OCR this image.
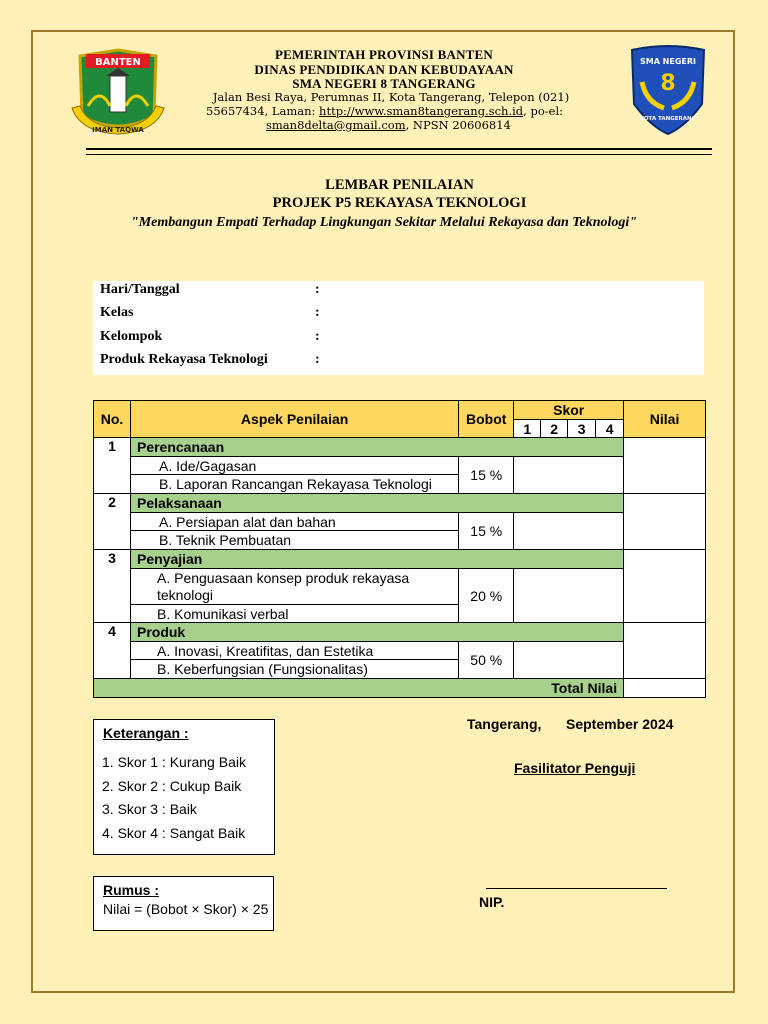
BANTEN
IMAN TAQWA
SMA NEGERI
8
KOTA TANGERANG
PEMERINTAH PROVINSI BANTEN
DINAS PENDIDIKAN DAN KEBUDAYAAN
SMA NEGERI 8 TANGERANG
Jalan Besi Raya, Perumnas II, Kota Tangerang, Telepon (021)
55657434, Laman: http://www.sman8tangerang.sch.id, po-el:
sman8delta@gmail.com, NPSN 20606814
LEMBAR PENILAIAN
PROJEK P5 REKAYASA TEKNOLOGI
"Membangun Empati Terhadap Lingkungan Sekitar Melalui Rekayasa dan Teknologi"
Hari/Tanggal	:
Kelas	:
Kelompok	:
Produk Rekayasa Teknologi	:
No.	Aspek Penilaian	Bobot	Skor				Nilai
			1	2	3	4	
1	Perencanaan						
	A. Ide/Gagasan	15 %					
	B. Laporan Rancangan Rekayasa Teknologi						
2	Pelaksanaan						
	A. Persiapan alat dan bahan	15 %					
	B. Teknik Pembuatan						
3	Penyajian						
	A. Penguasaan konsep produk rekayasa teknologi	20 %					
	B. Komunikasi verbal						
4	Produk						
	A. Inovasi, Kreatifitas, dan Estetika	50 %					
	B. Keberfungsian (Fungsionalitas)						
Total Nilai							
Keterangan :
1. Skor 1 : Kurang Baik
2. Skor 2 : Cukup Baik
3. Skor 3 : Baik
4. Skor 4 : Sangat Baik
Rumus :
Nilai = (Bobot × Skor) × 25
Tangerang, September 2024
Fasilitator Penguji
NIP.
